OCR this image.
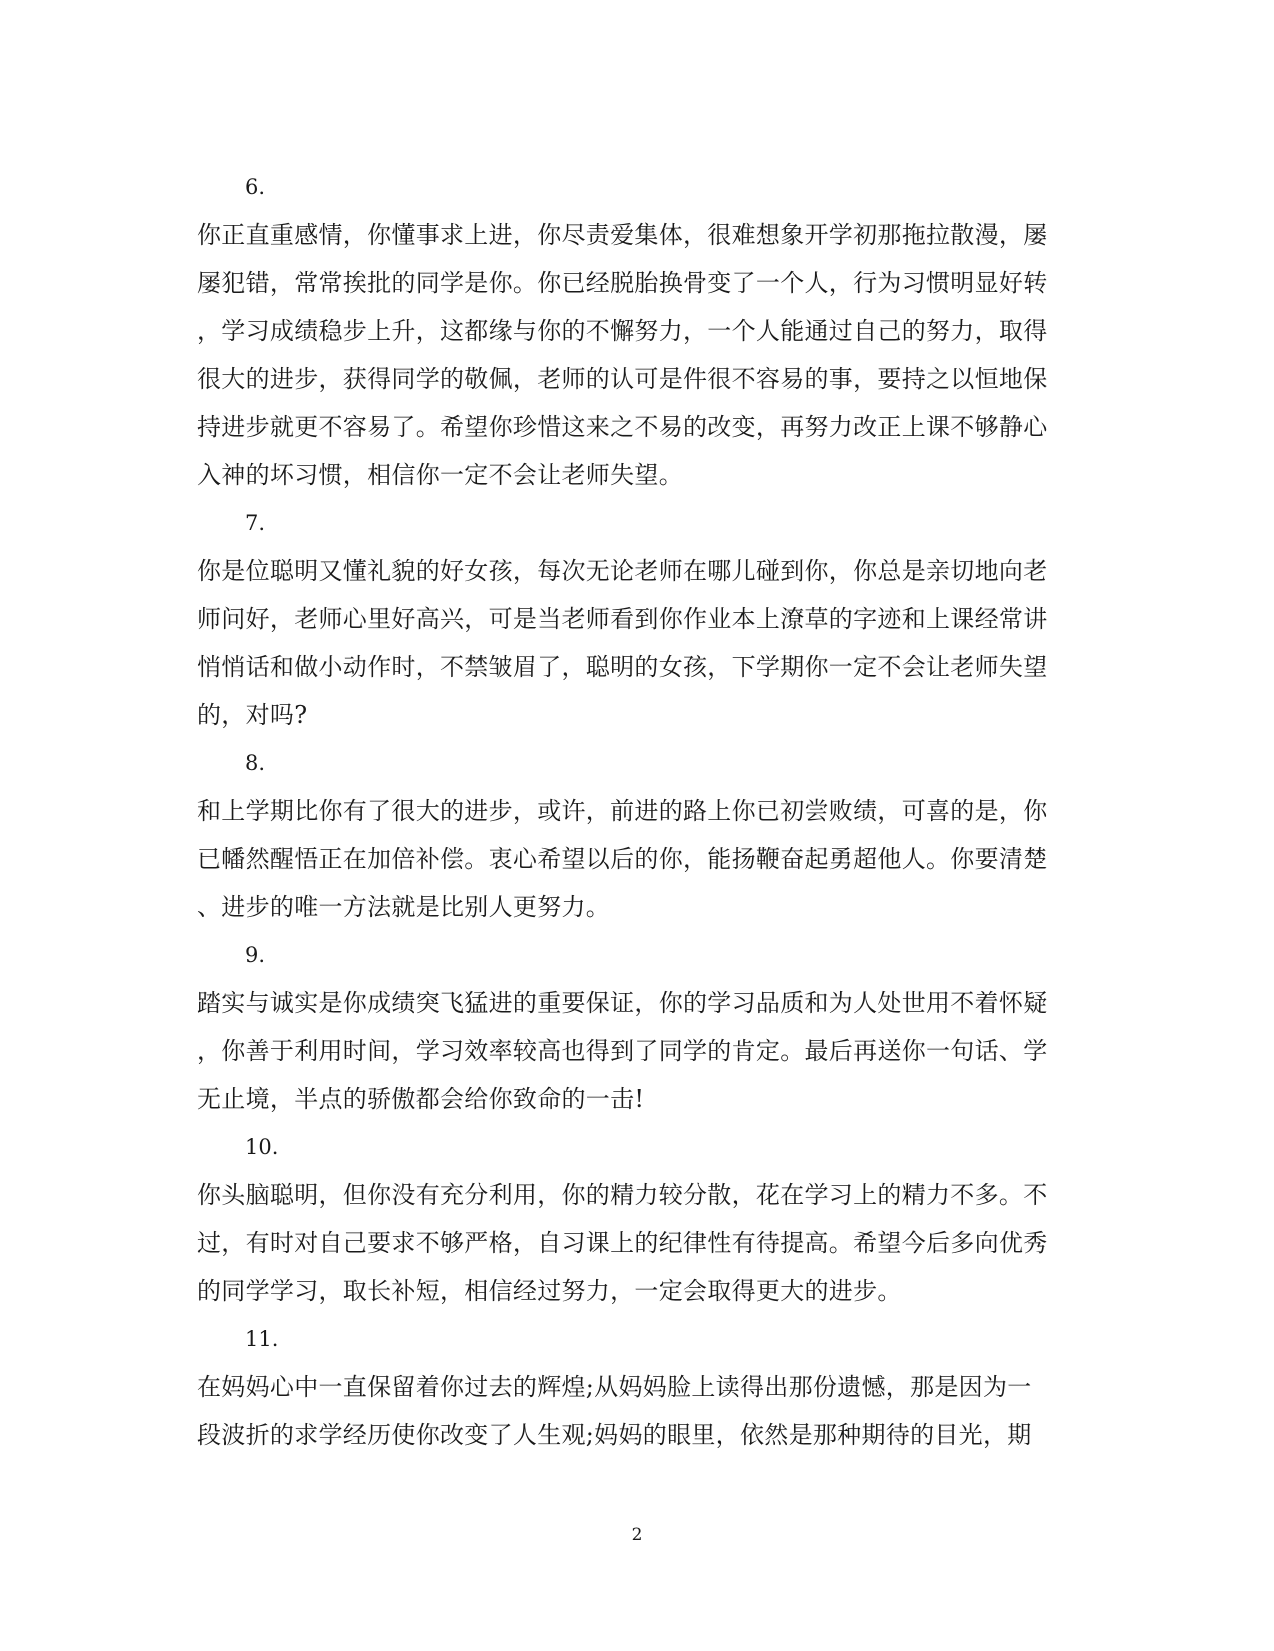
6.
你正直重感情，你懂事求上进，你尽责爱集体，很难想象开学初那拖拉散漫，屡
屡犯错，常常挨批的同学是你。你已经脱胎换骨变了一个人，行为习惯明显好转
，学习成绩稳步上升，这都缘与你的不懈努力，一个人能通过自己的努力，取得
很大的进步，获得同学的敬佩，老师的认可是件很不容易的事，要持之以恒地保
持进步就更不容易了。希望你珍惜这来之不易的改变，再努力改正上课不够静心
入神的坏习惯，相信你一定不会让老师失望。
7.
你是位聪明又懂礼貌的好女孩，每次无论老师在哪儿碰到你，你总是亲切地向老
师问好，老师心里好高兴，可是当老师看到你作业本上潦草的字迹和上课经常讲
悄悄话和做小动作时，不禁皱眉了，聪明的女孩，下学期你一定不会让老师失望
的，对吗?
8.
和上学期比你有了很大的进步，或许，前进的路上你已初尝败绩，可喜的是，你
已幡然醒悟正在加倍补偿。衷心希望以后的你，能扬鞭奋起勇超他人。你要清楚
、进步的唯一方法就是比别人更努力。
9.
踏实与诚实是你成绩突飞猛进的重要保证，你的学习品质和为人处世用不着怀疑
，你善于利用时间，学习效率较高也得到了同学的肯定。最后再送你一句话、学
无止境，半点的骄傲都会给你致命的一击!
10.
你头脑聪明，但你没有充分利用，你的精力较分散，花在学习上的精力不多。不
过，有时对自己要求不够严格，自习课上的纪律性有待提高。希望今后多向优秀
的同学学习，取长补短，相信经过努力，一定会取得更大的进步。
11.
在妈妈心中一直保留着你过去的辉煌;从妈妈脸上读得出那份遗憾，那是因为一
段波折的求学经历使你改变了人生观;妈妈的眼里，依然是那种期待的目光，期
2
